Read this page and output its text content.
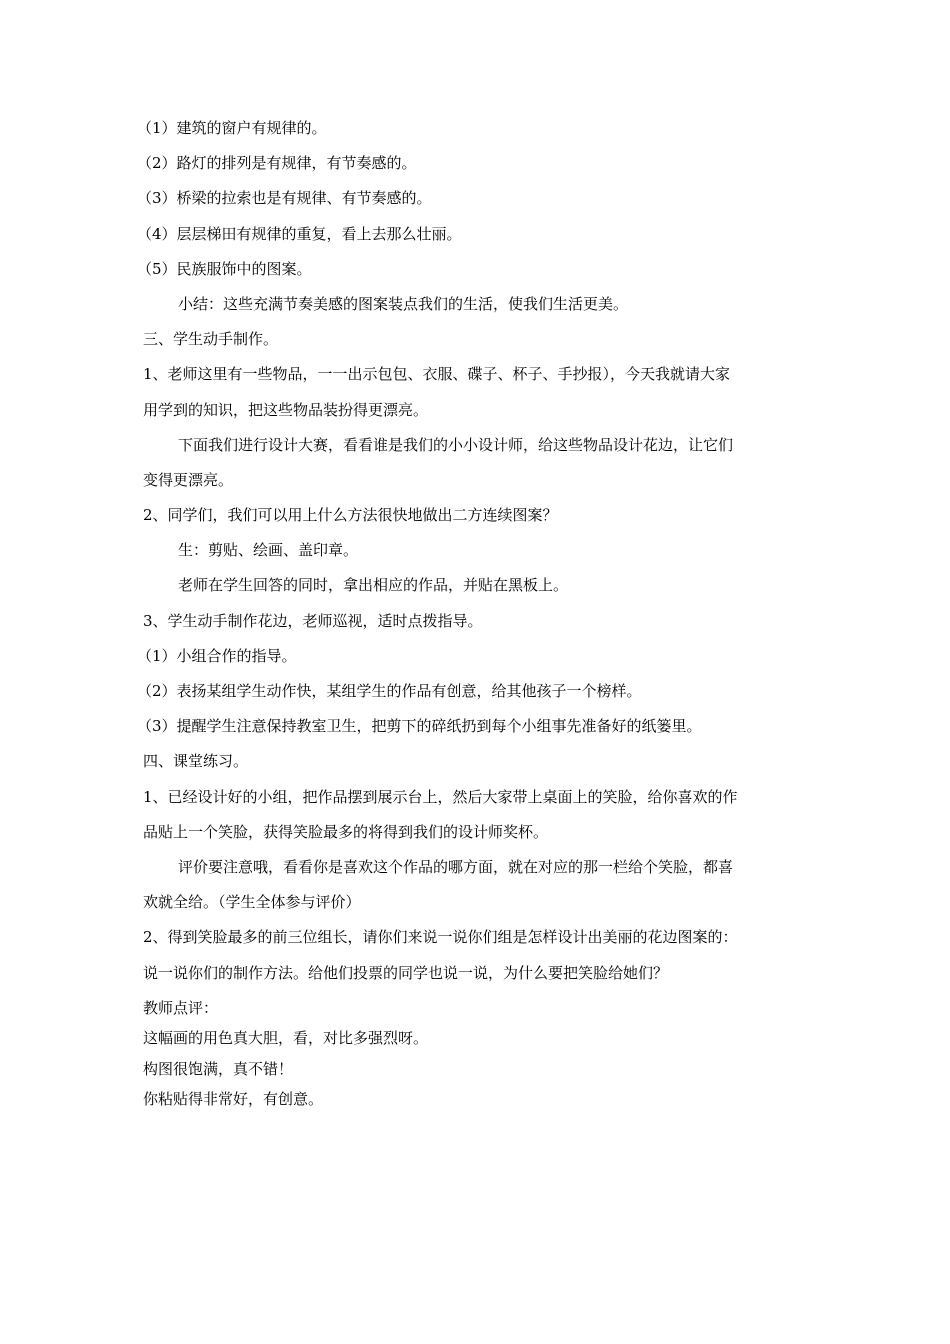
（1）建筑的窗户有规律的。
（2）路灯的排列是有规律，有节奏感的。
（3）桥梁的拉索也是有规律、有节奏感的。
（4）层层梯田有规律的重复，看上去那么壮丽。
（5）民族服饰中的图案。
小结：这些充满节奏美感的图案装点我们的生活，使我们生活更美。
三、学生动手制作。
1、老师这里有一些物品，一一出示包包、衣服、碟子、杯子、手抄报），今天我就请大家
用学到的知识，把这些物品装扮得更漂亮。
下面我们进行设计大赛，看看谁是我们的小小设计师，给这些物品设计花边，让它们
变得更漂亮。
2、同学们，我们可以用上什么方法很快地做出二方连续图案？
生：剪贴、绘画、盖印章。
老师在学生回答的同时，拿出相应的作品，并贴在黑板上。
3、学生动手制作花边，老师巡视，适时点拨指导。
（1）小组合作的指导。
（2）表扬某组学生动作快，某组学生的作品有创意，给其他孩子一个榜样。
（3）提醒学生注意保持教室卫生，把剪下的碎纸扔到每个小组事先准备好的纸篓里。
四、课堂练习。
1、已经设计好的小组，把作品摆到展示台上，然后大家带上桌面上的笑脸，给你喜欢的作
品贴上一个笑脸，获得笑脸最多的将得到我们的设计师奖杯。
评价要注意哦，看看你是喜欢这个作品的哪方面，就在对应的那一栏给个笑脸，都喜
欢就全给。（学生全体参与评价）
2、得到笑脸最多的前三位组长，请你们来说一说你们组是怎样设计出美丽的花边图案的：
说一说你们的制作方法。给他们投票的同学也说一说，为什么要把笑脸给她们？
教师点评：
这幅画的用色真大胆，看，对比多强烈呀。
构图很饱满，真不错！
你粘贴得非常好，有创意。
